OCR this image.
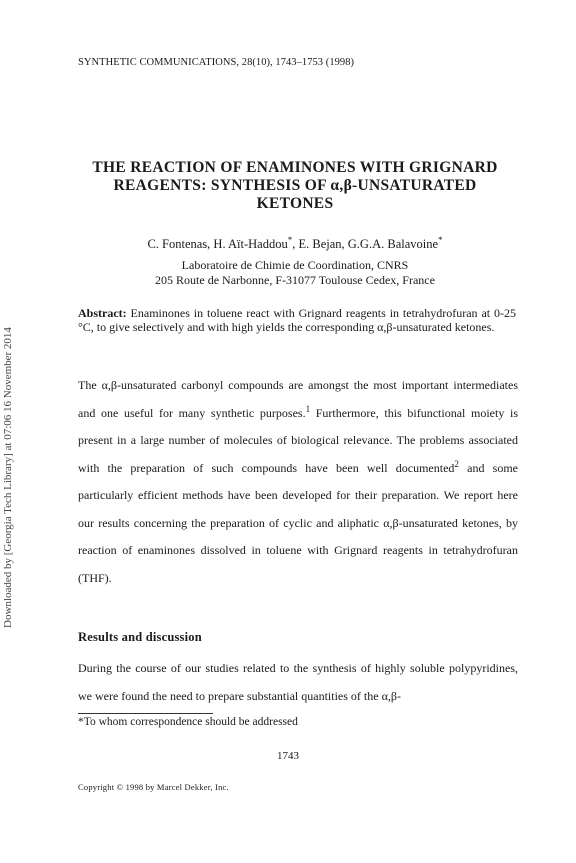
SYNTHETIC COMMUNICATIONS, 28(10), 1743–1753 (1998)
THE REACTION OF ENAMINONES WITH GRIGNARD
REAGENTS: SYNTHESIS OF α,β-UNSATURATED
KETONES
C. Fontenas, H. Aït-Haddou*, E. Bejan, G.G.A. Balavoine*
Laboratoire de Chimie de Coordination, CNRS
205 Route de Narbonne, F-31077 Toulouse Cedex, France
Abstract: Enaminones in toluene react with Grignard reagents in tetrahydrofuran at 0-25 °C, to give selectively and with high yields the corresponding α,β-unsaturated ketones.
The α,β-unsaturated carbonyl compounds are amongst the most important intermediates and one useful for many synthetic purposes.$^1$ Furthermore, this bifunctional moiety is present in a large number of molecules of biological relevance. The problems associated with the preparation of such compounds have been well documented$^2$ and some particularly efficient methods have been developed for their preparation. We report here our results concerning the preparation of cyclic and aliphatic α,β-unsaturated ketones, by reaction of enaminones dissolved in toluene with Grignard reagents in tetrahydrofuran (THF).
Results and discussion
During the course of our studies related to the synthesis of highly soluble polypyridines, we were found the need to prepare substantial quantities of the α,β-
*To whom correspondence should be addressed
1743
Copyright © 1998 by Marcel Dekker, Inc.
Downloaded by [Georgia Tech Library] at 07:06 16 November 2014
